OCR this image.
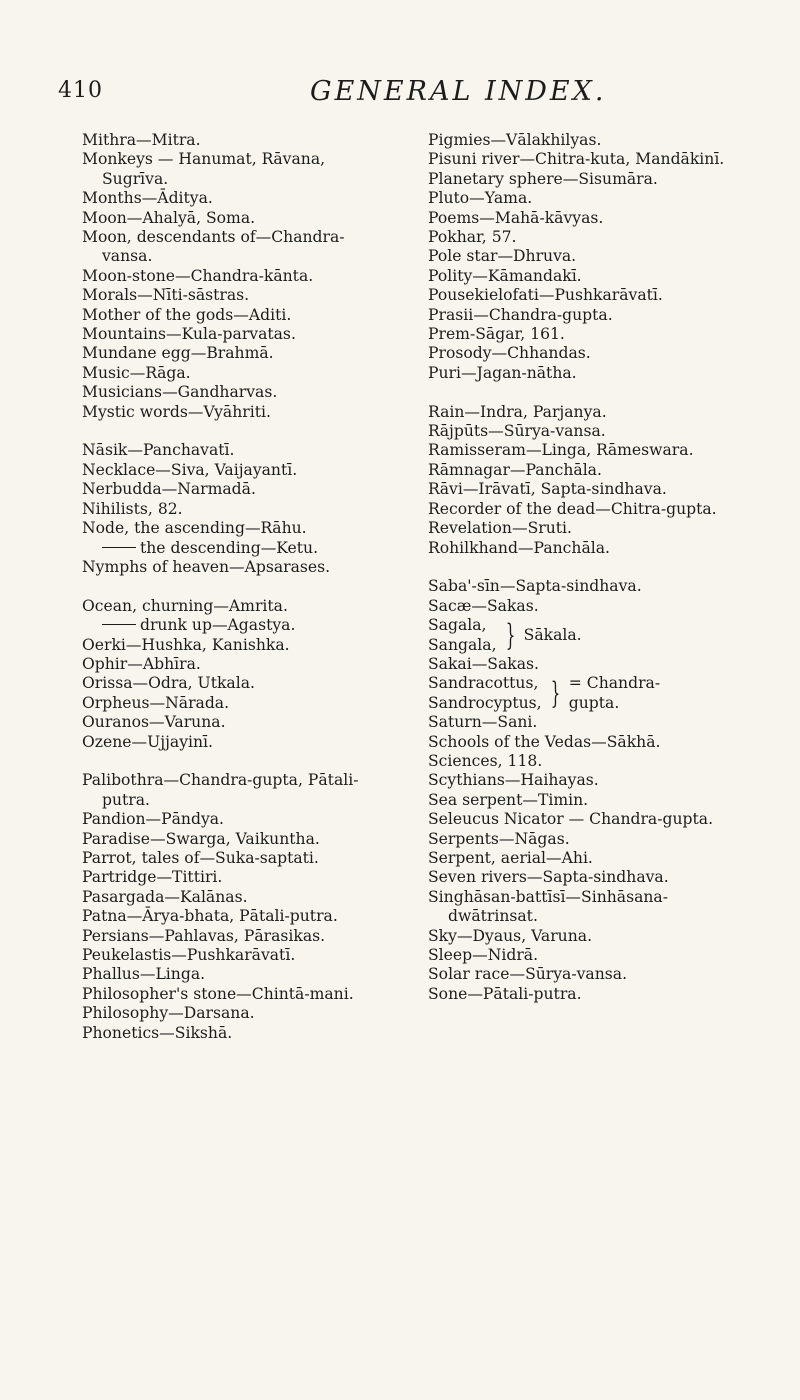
410	GENERAL INDEX.

Mithra—Mitra.

Monkeys — Hanumat, Rāvana, Sugrīva.

Months—Āditya.

Moon—Ahalyā, Soma.

Moon, descendants of—Chandra-vansa.

Moon-stone—Chandra-kānta.

Morals—Nīti-sāstras.

Mother of the gods—Aditi.

Mountains—Kula-parvatas.

Mundane egg—Brahmā.

Music—Rāga.

Musicians—Gandharvas.

Mystic words—Vyāhriti.

Nāsik—Panchavatī.

Necklace—Siva, Vaijayantī.

Nerbudda—Narmadā.

Nihilists, 82.

Node, the ascending—Rāhu.

the descending—Ketu.

Nymphs of heaven—Apsarases.

Ocean, churning—Amrita.

drunk up—Agastya.

Oerki—Hushka, Kanishka.

Ophir—Abhīra.

Orissa—Odra, Utkala.

Orpheus—Nārada.

Ouranos—Varuna.

Ozene—Ujjayinī.

Palibothra—Chandra-gupta, Pātali-putra.

Pandion—Pāndya.

Paradise—Swarga, Vaikuntha.

Parrot, tales of—Suka-saptati.

Partridge—Tittiri.

Pasargada—Kalānas.

Patna—Ārya-bhata, Pātali-putra.

Persians—Pahlavas, Pārasikas.

Peukelastis—Pushkarāvatī.

Phallus—Linga.

Philosopher's stone—Chintā-mani.

Philosophy—Darsana.

Phonetics—Sikshā.

Pigmies—Vālakhilyas.

Pisuni river—Chitra-kuta, Mandākinī.

Planetary sphere—Sisumāra.

Pluto—Yama.

Poems—Mahā-kāvyas.

Pokhar, 57.

Pole star—Dhruva.

Polity—Kāmandakī.

Pousekielofati—Pushkarāvatī.

Prasii—Chandra-gupta.

Prem-Sāgar, 161.

Prosody—Chhandas.

Puri—Jagan-nātha.

Rain—Indra, Parjanya.

Rājpūts—Sūrya-vansa.

Ramisseram—Linga, Rāmeswara.

Rāmnagar—Panchāla.

Rāvi—Irāvatī, Sapta-sindhava.

Recorder of the dead—Chitra-gupta.

Revelation—Sruti.

Rohilkhand—Panchāla.

Saba'-sīn—Sapta-sindhava.

Sacæ—Sakas.

Sagala,
Sangala, } Sākala.

Sakai—Sakas.

Sandracottus,
Sandrocyptus, } = Chandra-
gupta.

Saturn—Sani.

Schools of the Vedas—Sākhā.

Sciences, 118.

Scythians—Haihayas.

Sea serpent—Timin.

Seleucus Nicator — Chandra-gupta.

Serpents—Nāgas.

Serpent, aerial—Ahi.

Seven rivers—Sapta-sindhava.

Singhāsan-battīsī—Sinhāsana-dwātrinsat.

Sky—Dyaus, Varuna.

Sleep—Nidrā.

Solar race—Sūrya-vansa.

Sone—Pātali-putra.
